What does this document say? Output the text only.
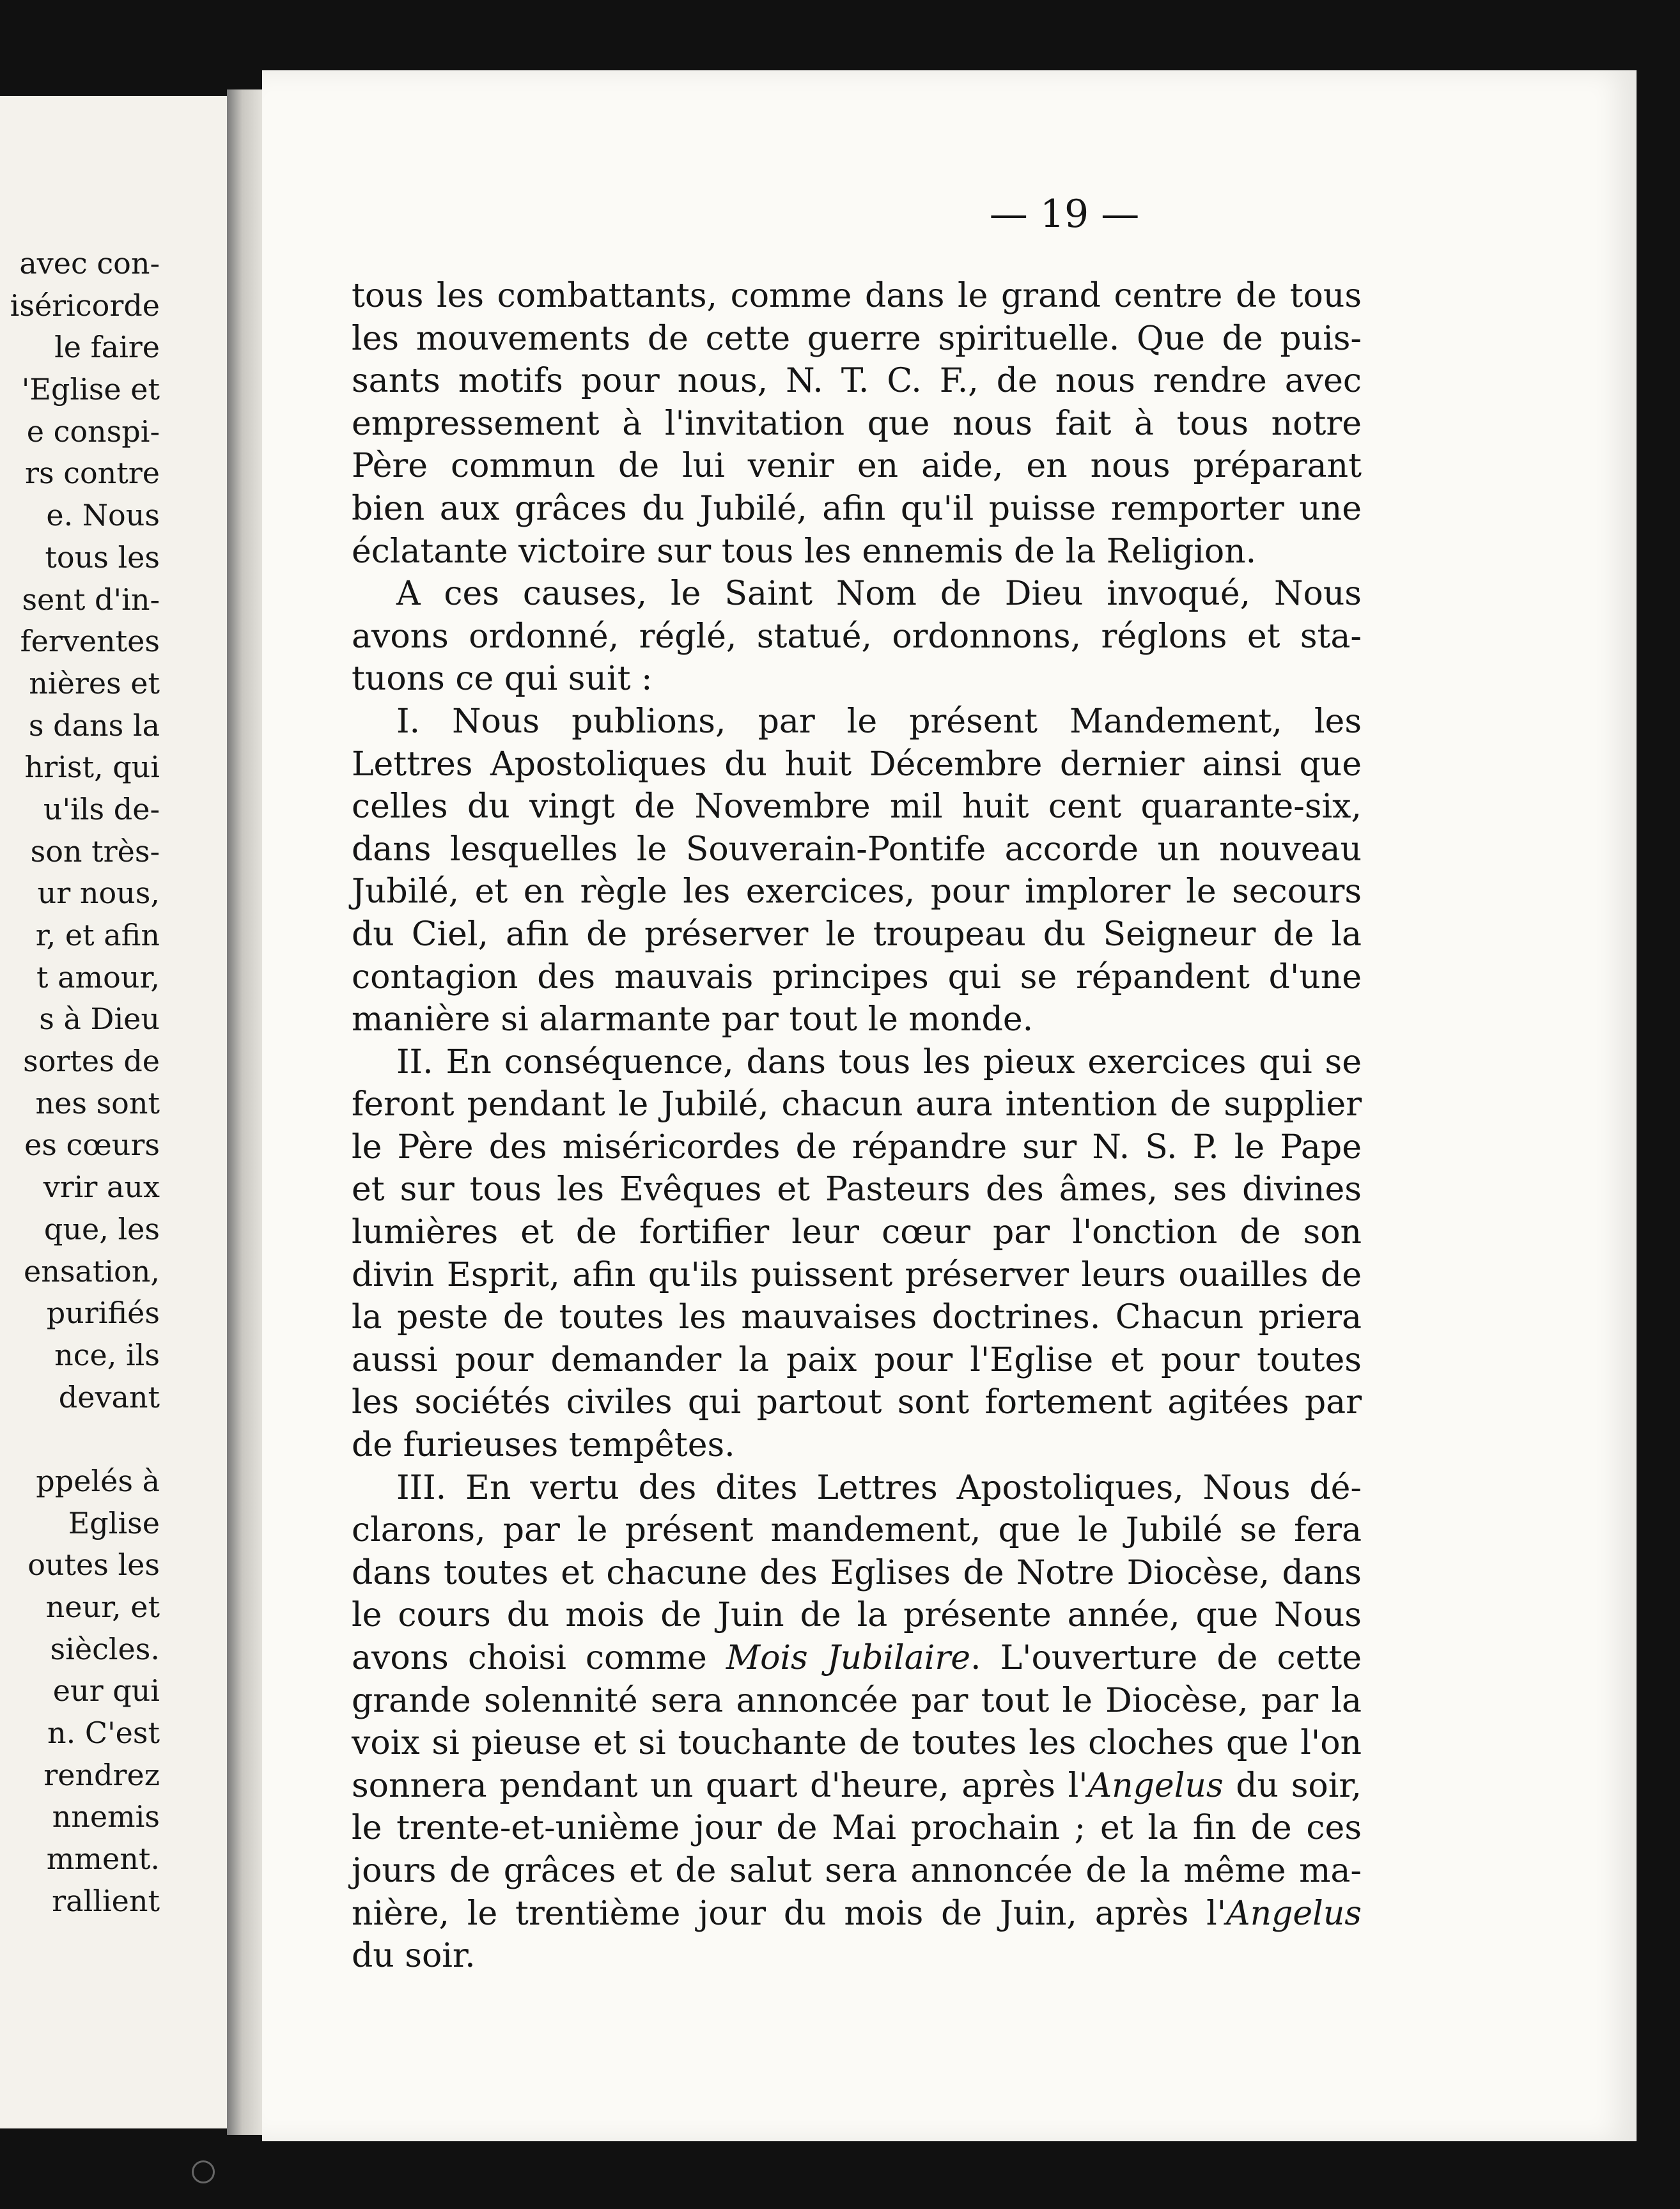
avec con-
iséricorde
le faire
'Eglise et
e conspi-
rs contre
e. Nous
tous les
sent d'in-
ferventes
nières et
s dans la
hrist, qui
u'ils de-
son très-
ur nous,
r, et afin
t amour,
s à Dieu
sortes de
nes sont
es cœurs
vrir aux
que, les
ensation,
purifiés
nce, ils
devant
ppelés à
Eglise
outes les
neur, et
siècles.
eur qui
n. C'est
rendrez
nnemis
mment.
rallient
— 19 —
tous les combattants, comme dans le grand centre de tous
les mouvements de cette guerre spirituelle. Que de puis-
sants motifs pour nous, N. T. C. F., de nous rendre avec
empressement à l'invitation que nous fait à tous notre
Père commun de lui venir en aide, en nous préparant
bien aux grâces du Jubilé, afin qu'il puisse remporter une
éclatante victoire sur tous les ennemis de la Religion.
A ces causes, le Saint Nom de Dieu invoqué, Nous
avons ordonné, réglé, statué, ordonnons, réglons et sta-
tuons ce qui suit :
I. Nous publions, par le présent Mandement, les
Lettres Apostoliques du huit Décembre dernier ainsi que
celles du vingt de Novembre mil huit cent quarante-six,
dans lesquelles le Souverain-Pontife accorde un nouveau
Jubilé, et en règle les exercices, pour implorer le secours
du Ciel, afin de préserver le troupeau du Seigneur de la
contagion des mauvais principes qui se répandent d'une
manière si alarmante par tout le monde.
II. En conséquence, dans tous les pieux exercices qui se
feront pendant le Jubilé, chacun aura intention de supplier
le Père des miséricordes de répandre sur N. S. P. le Pape
et sur tous les Evêques et Pasteurs des âmes, ses divines
lumières et de fortifier leur cœur par l'onction de son
divin Esprit, afin qu'ils puissent préserver leurs ouailles de
la peste de toutes les mauvaises doctrines. Chacun priera
aussi pour demander la paix pour l'Eglise et pour toutes
les sociétés civiles qui partout sont fortement agitées par
de furieuses tempêtes.
III. En vertu des dites Lettres Apostoliques, Nous dé-
clarons, par le présent mandement, que le Jubilé se fera
dans toutes et chacune des Eglises de Notre Diocèse, dans
le cours du mois de Juin de la présente année, que Nous
avons choisi comme Mois Jubilaire. L'ouverture de cette
grande solennité sera annoncée par tout le Diocèse, par la
voix si pieuse et si touchante de toutes les cloches que l'on
sonnera pendant un quart d'heure, après l'Angelus du soir,
le trente-et-unième jour de Mai prochain ; et la fin de ces
jours de grâces et de salut sera annoncée de la même ma-
nière, le trentième jour du mois de Juin, après l'Angelus
du soir.
